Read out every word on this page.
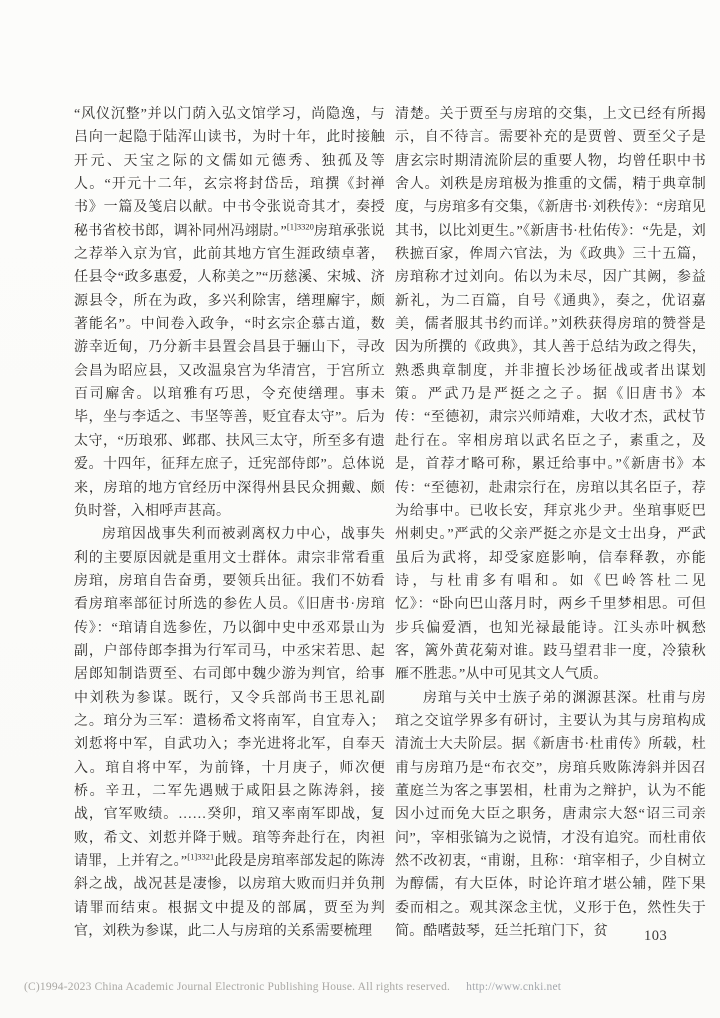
“风仪沉整”并以门荫入弘文馆学习，尚隐逸，与吕向一起隐于陆浑山读书，为时十年，此时接触开元、天宝之际的文儒如元德秀、独孤及等人。“开元十二年，玄宗将封岱岳，琯撰《封禅书》一篇及笺启以献。中书令张说奇其才，奏授秘书省校书郎，调补同州冯翊尉。”$^{[1]3320}$房琯承张说之荐举入京为官，此前其地方官生涯政绩卓著，任县令“政多惠爱，人称美之”“历慈溪、宋城、济源县令，所在为政，多兴利除害，缮理廨宇，颇著能名”。中间卷入政争，“时玄宗企慕古道，数游幸近甸，乃分新丰县置会昌县于骊山下，寻改会昌为昭应县，又改温泉宫为华清宫，于宫所立百司廨舍。以琯雅有巧思，令充使缮理。事未毕，坐与李适之、韦坚等善，贬宜春太守”。后为太守，“历琅邪、邺郡、扶风三太守，所至多有遗爱。十四年，征拜左庶子，迁宪部侍郎”。总体说来，房琯的地方官经历中深得州县民众拥戴、颇负时誉，入相呼声甚高。

房琯因战事失利而被剥离权力中心，战事失利的主要原因就是重用文士群体。肃宗非常看重房琯，房琯自告奋勇，要领兵出征。我们不妨看看房琯率部征讨所选的参佐人员。《旧唐书·房琯传》：“琯请自选参佐，乃以御中史中丞邓景山为副，户部侍郎李揖为行军司马，中丞宋若思、起居郎知制诰贾至、右司郎中魏少游为判官，给事中刘秩为参谋。既行，又令兵部尚书王思礼副之。琯分为三军：遣杨希文将南军，自宜寿入；刘悊将中军，自武功入；李光进将北军，自奉天入。琯自将中军，为前锋，十月庚子，师次便桥。辛丑，二军先遇贼于咸阳县之陈涛斜，接战，官军败绩。……癸卯，琯又率南军即战，复败，希文、刘悊并降于贼。琯等奔赴行在，肉袒请罪，上并宥之。”$^{[1]3321}$此段是房琯率部发起的陈涛斜之战，战况甚是凄惨，以房琯大败而归并负荆请罪而结束。根据文中提及的部属，贾至为判官，刘秩为参谋，此二人与房琯的关系需要梳理

清楚。关于贾至与房琯的交集，上文已经有所揭示，自不待言。需要补充的是贾曾、贾至父子是唐玄宗时期清流阶层的重要人物，均曾任职中书舍人。刘秩是房琯极为推重的文儒，精于典章制度，与房琯多有交集，《新唐书·刘秩传》：“房琯见其书，以比刘更生。”《新唐书·杜佑传》：“先是，刘秩摭百家，侔周六官法，为《政典》三十五篇，房琯称才过刘向。佑以为未尽，因广其阙，参益新礼，为二百篇，自号《通典》，奏之，优诏嘉美，儒者服其书约而详。”刘秩获得房琯的赞誉是因为所撰的《政典》，其人善于总结为政之得失，熟悉典章制度，并非擅长沙场征战或者出谋划策。严武乃是严挺之之子。据《旧唐书》本传：“至德初，肃宗兴师靖难，大收才杰，武杖节赴行在。宰相房琯以武名臣之子，素重之，及是，首荐才略可称，累迁给事中。”《新唐书》本传：“至德初，赴肃宗行在，房琯以其名臣子，荐为给事中。已收长安，拜京兆少尹。坐琯事贬巴州刺史。”严武的父亲严挺之亦是文士出身，严武虽后为武将，却受家庭影响，信奉释教，亦能诗，与杜甫多有唱和。如《巴岭答杜二见忆》：“卧向巴山落月时，两乡千里梦相思。可但步兵偏爱酒，也知光禄最能诗。江头赤叶枫愁客，篱外黄花菊对谁。跂马望君非一度，冷猿秋雁不胜悲。”从中可见其文人气质。

房琯与关中士族子弟的渊源甚深。杜甫与房琯之交谊学界多有研讨，主要认为其与房琯构成清流士大夫阶层。据《新唐书·杜甫传》所载，杜甫与房琯乃是“布衣交”，房琯兵败陈涛斜并因召董庭兰为客之事罢相，杜甫为之辩护，认为不能因小过而免大臣之职务，唐肃宗大怒“诏三司亲问”，宰相张镐为之说情，才没有追究。而杜甫依然不改初衷，“甫谢，且称：‘琯宰相子，少自树立为醇儒，有大臣体，时论许琯才堪公辅，陛下果委而相之。观其深念主忧，义形于色，然性失于简。酷嗜鼓琴，廷兰托琯门下，贫	103
(C)1994-2023 China Academic Journal Electronic Publishing House. All rights reserved. http://www.cnki.net
